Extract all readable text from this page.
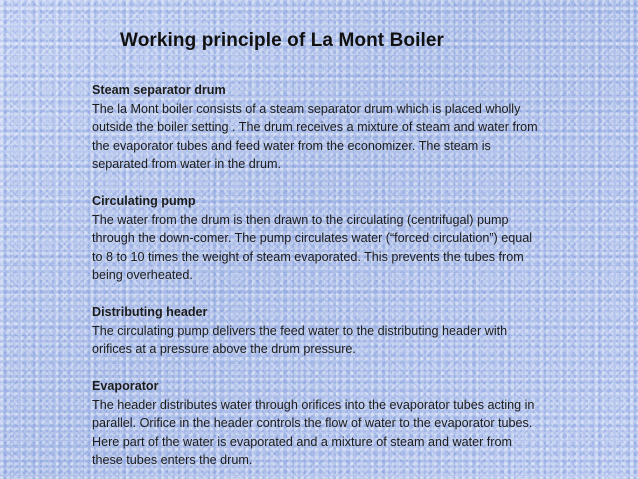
Working principle of La Mont Boiler

Steam separator drum

The la Mont boiler consists of a steam separator drum which is placed wholly outside the boiler setting . The drum receives a mixture of steam and water from the evaporator tubes and feed water from the economizer. The steam is separated from water in the drum.

Circulating pump

The water from the drum is then drawn to the circulating (centrifugal) pump through the down-comer. The pump circulates water (“forced circulation”) equal to 8 to 10 times the weight of steam evaporated. This prevents the tubes from being overheated.

Distributing header

The circulating pump delivers the feed water to the distributing header with orifices at a pressure above the drum pressure.

Evaporator

The header distributes water through orifices into the evaporator tubes acting in parallel. Orifice in the header controls the flow of water to the evaporator tubes. Here part of the water is evaporated and a mixture of steam and water from these tubes enters the drum.
